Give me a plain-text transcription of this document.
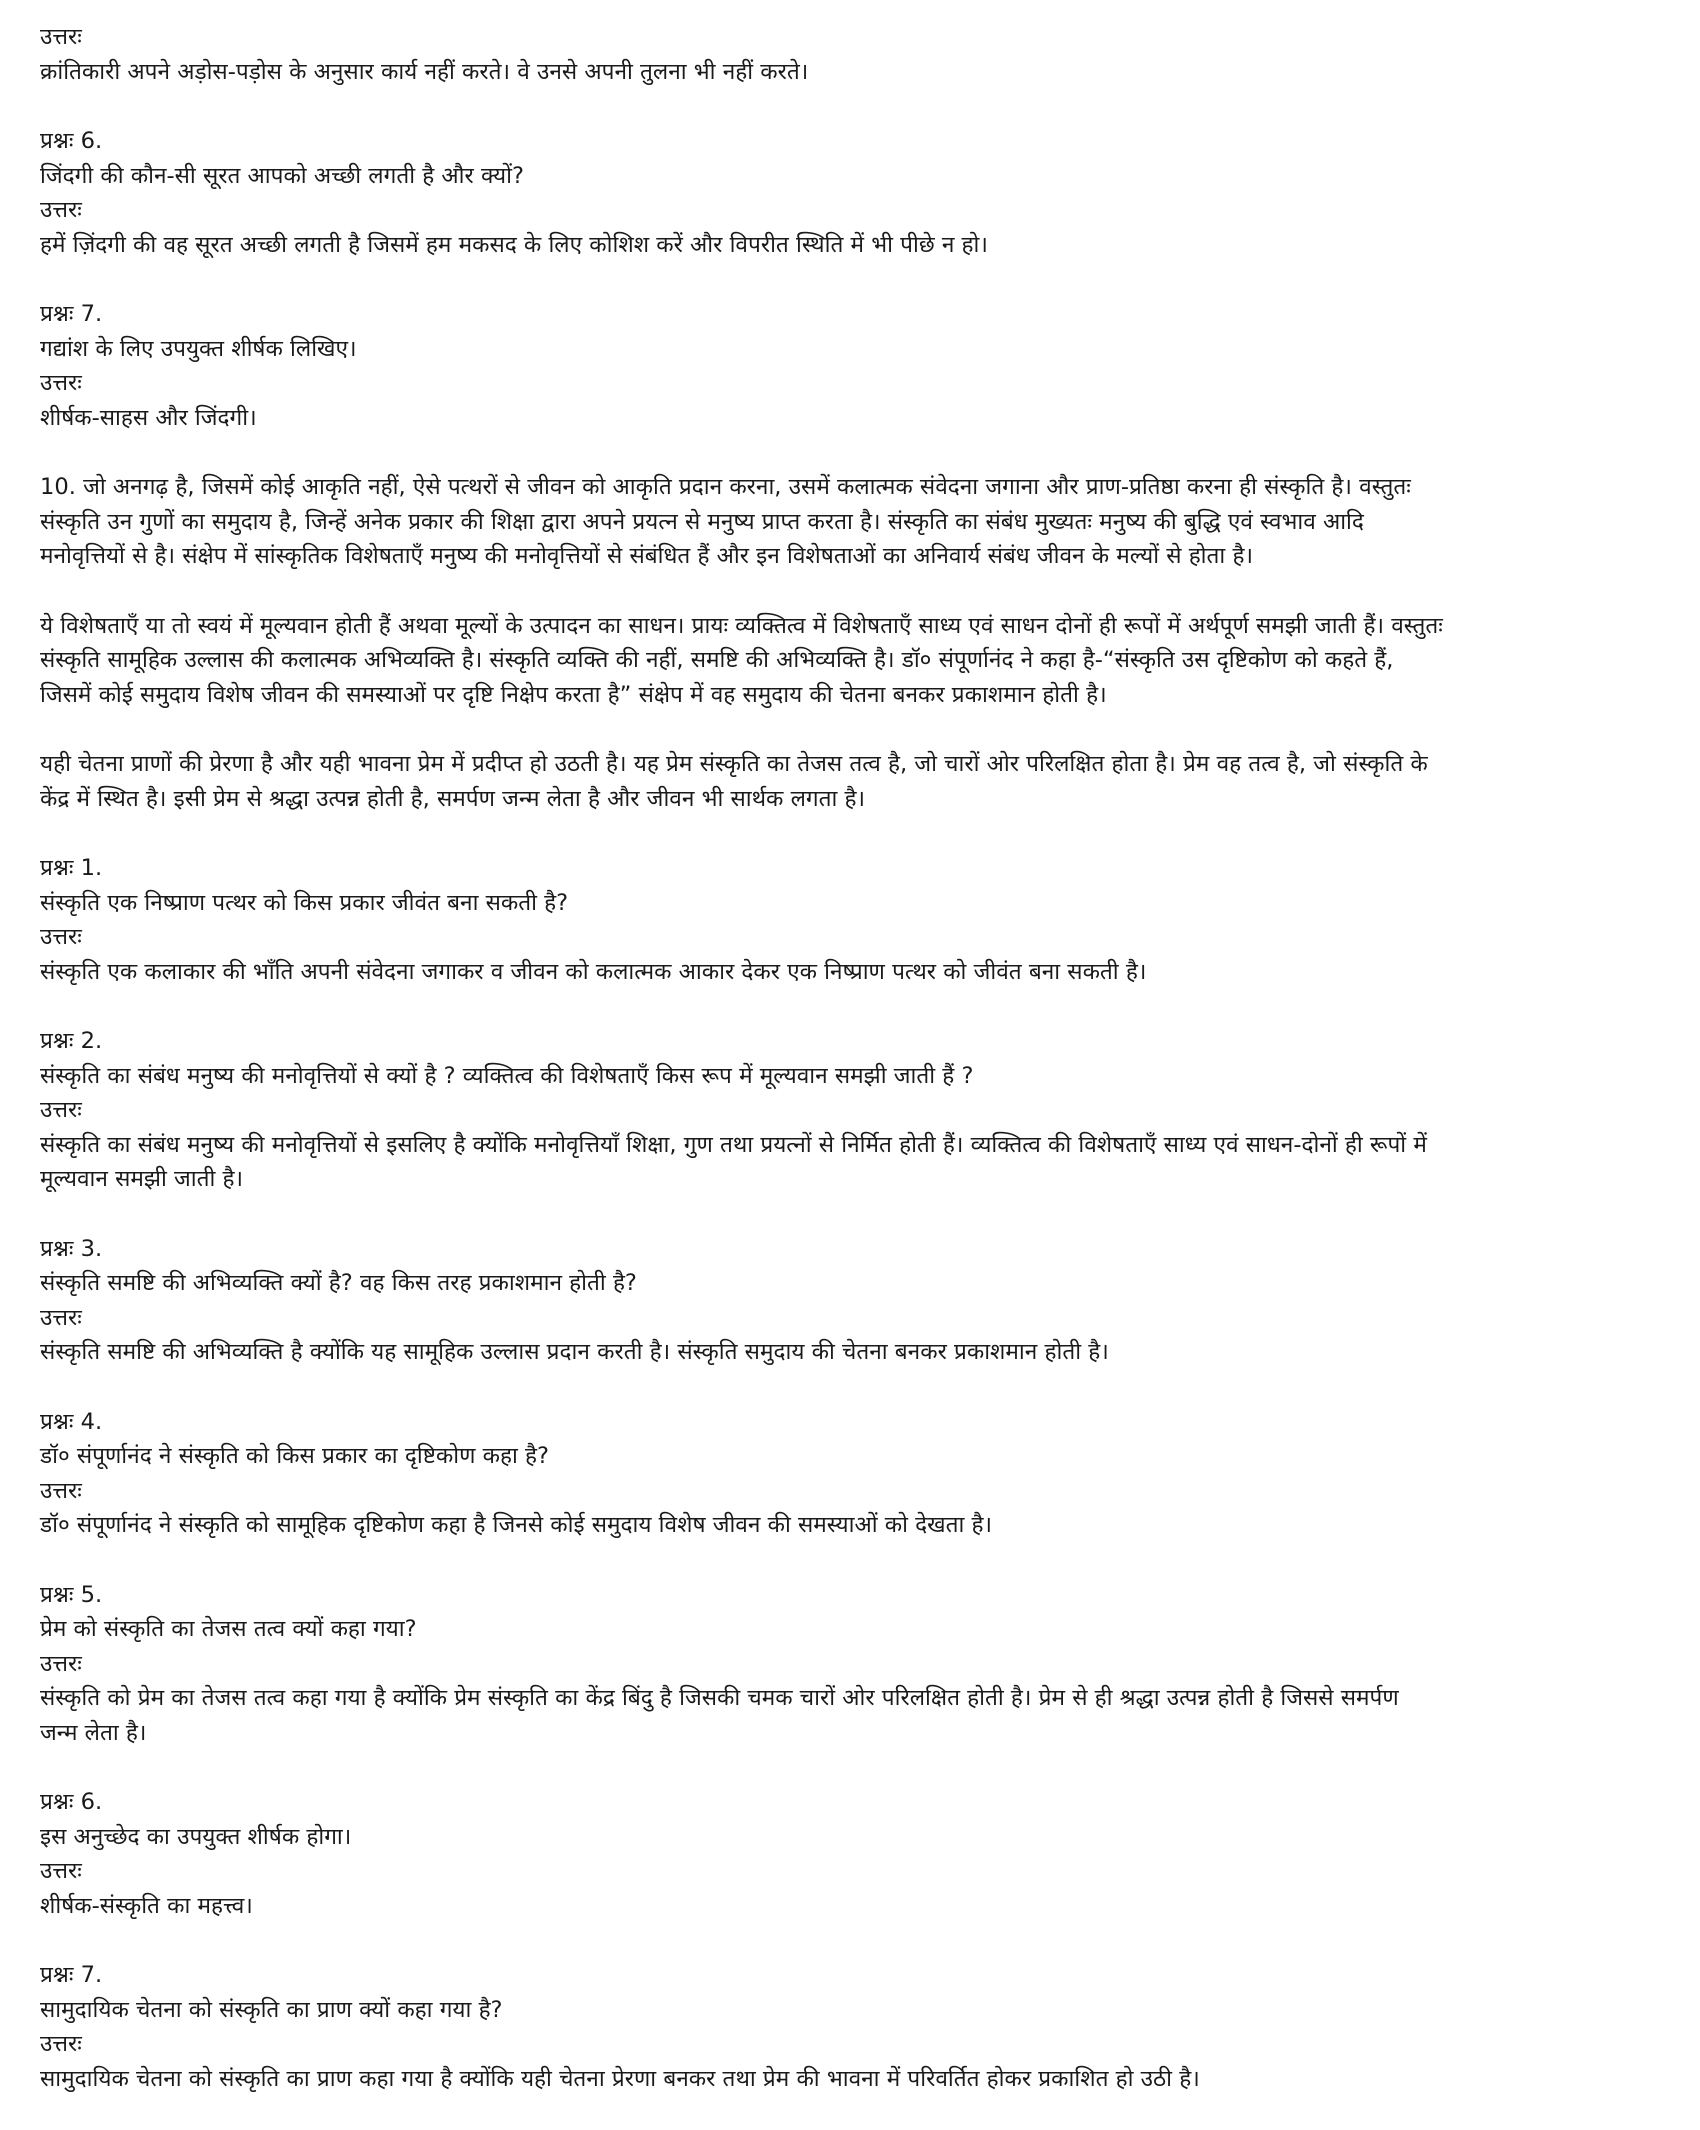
उत्तरः
क्रांतिकारी अपने अड़ोस-पड़ोस के अनुसार कार्य नहीं करते। वे उनसे अपनी तुलना भी नहीं करते।
प्रश्नः 6.
जिंदगी की कौन-सी सूरत आपको अच्छी लगती है और क्यों?
उत्तरः
हमें ज़िंदगी की वह सूरत अच्छी लगती है जिसमें हम मकसद के लिए कोशिश करें और विपरीत स्थिति में भी पीछे न हो।
प्रश्नः 7.
गद्यांश के लिए उपयुक्त शीर्षक लिखिए।
उत्तरः
शीर्षक-साहस और जिंदगी।
10. जो अनगढ़ है, जिसमें कोई आकृति नहीं, ऐसे पत्थरों से जीवन को आकृति प्रदान करना, उसमें कलात्मक संवेदना जगाना और प्राण-प्रतिष्ठा करना ही संस्कृति है। वस्तुतः
संस्कृति उन गुणों का समुदाय है, जिन्हें अनेक प्रकार की शिक्षा द्वारा अपने प्रयत्न से मनुष्य प्राप्त करता है। संस्कृति का संबंध मुख्यतः मनुष्य की बुद्धि एवं स्वभाव आदि
मनोवृत्तियों से है। संक्षेप में सांस्कृतिक विशेषताएँ मनुष्य की मनोवृत्तियों से संबंधित हैं और इन विशेषताओं का अनिवार्य संबंध जीवन के मल्यों से होता है।
ये विशेषताएँ या तो स्वयं में मूल्यवान होती हैं अथवा मूल्यों के उत्पादन का साधन। प्रायः व्यक्तित्व में विशेषताएँ साध्य एवं साधन दोनों ही रूपों में अर्थपूर्ण समझी जाती हैं। वस्तुतः
संस्कृति सामूहिक उल्लास की कलात्मक अभिव्यक्ति है। संस्कृति व्यक्ति की नहीं, समष्टि की अभिव्यक्ति है। डॉ० संपूर्णानंद ने कहा है-“संस्कृति उस दृष्टिकोण को कहते हैं,
जिसमें कोई समुदाय विशेष जीवन की समस्याओं पर दृष्टि निक्षेप करता है” संक्षेप में वह समुदाय की चेतना बनकर प्रकाशमान होती है।
यही चेतना प्राणों की प्रेरणा है और यही भावना प्रेम में प्रदीप्त हो उठती है। यह प्रेम संस्कृति का तेजस तत्व है, जो चारों ओर परिलक्षित होता है। प्रेम वह तत्व है, जो संस्कृति के
केंद्र में स्थित है। इसी प्रेम से श्रद्धा उत्पन्न होती है, समर्पण जन्म लेता है और जीवन भी सार्थक लगता है।
प्रश्नः 1.
संस्कृति एक निष्प्राण पत्थर को किस प्रकार जीवंत बना सकती है?
उत्तरः
संस्कृति एक कलाकार की भाँति अपनी संवेदना जगाकर व जीवन को कलात्मक आकार देकर एक निष्प्राण पत्थर को जीवंत बना सकती है।
प्रश्नः 2.
संस्कृति का संबंध मनुष्य की मनोवृत्तियों से क्यों है ? व्यक्तित्व की विशेषताएँ किस रूप में मूल्यवान समझी जाती हैं ?
उत्तरः
संस्कृति का संबंध मनुष्य की मनोवृत्तियों से इसलिए है क्योंकि मनोवृत्तियाँ शिक्षा, गुण तथा प्रयत्नों से निर्मित होती हैं। व्यक्तित्व की विशेषताएँ साध्य एवं साधन-दोनों ही रूपों में
मूल्यवान समझी जाती है।
प्रश्नः 3.
संस्कृति समष्टि की अभिव्यक्ति क्यों है? वह किस तरह प्रकाशमान होती है?
उत्तरः
संस्कृति समष्टि की अभिव्यक्ति है क्योंकि यह सामूहिक उल्लास प्रदान करती है। संस्कृति समुदाय की चेतना बनकर प्रकाशमान होती है।
प्रश्नः 4.
डॉ० संपूर्णानंद ने संस्कृति को किस प्रकार का दृष्टिकोण कहा है?
उत्तरः
डॉ० संपूर्णानंद ने संस्कृति को सामूहिक दृष्टिकोण कहा है जिनसे कोई समुदाय विशेष जीवन की समस्याओं को देखता है।
प्रश्नः 5.
प्रेम को संस्कृति का तेजस तत्व क्यों कहा गया?
उत्तरः
संस्कृति को प्रेम का तेजस तत्व कहा गया है क्योंकि प्रेम संस्कृति का केंद्र बिंदु है जिसकी चमक चारों ओर परिलक्षित होती है। प्रेम से ही श्रद्धा उत्पन्न होती है जिससे समर्पण
जन्म लेता है।
प्रश्नः 6.
इस अनुच्छेद का उपयुक्त शीर्षक होगा।
उत्तरः
शीर्षक-संस्कृति का महत्त्व।
प्रश्नः 7.
सामुदायिक चेतना को संस्कृति का प्राण क्यों कहा गया है?
उत्तरः
सामुदायिक चेतना को संस्कृति का प्राण कहा गया है क्योंकि यही चेतना प्रेरणा बनकर तथा प्रेम की भावना में परिवर्तित होकर प्रकाशित हो उठी है।
